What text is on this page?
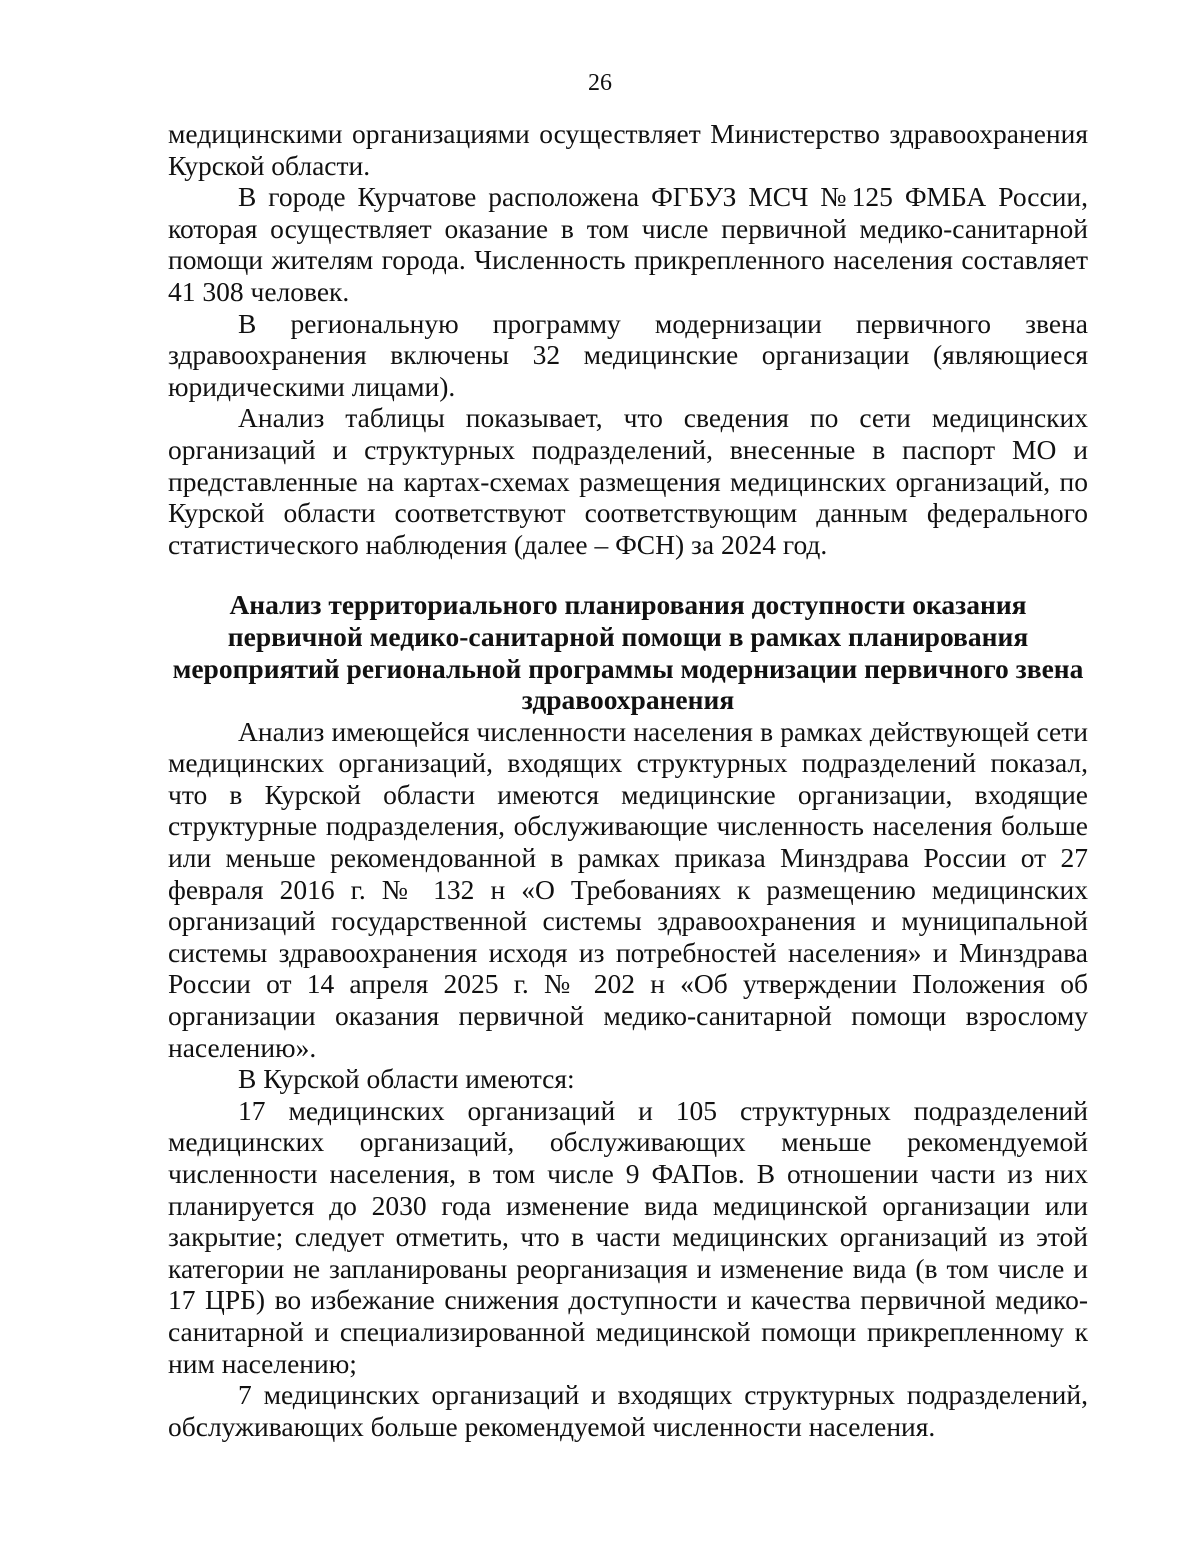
26

медицинскими организациями осуществляет Министерство здравоохранения Курской области.

В городе Курчатове расположена ФГБУЗ МСЧ №125 ФМБА России, которая осуществляет оказание в том числе первичной медико-санитарной помощи жителям города. Численность прикрепленного населения составляет 41 308 человек.

В региональную программу модернизации первичного звена здравоохранения включены 32 медицинские организации (являющиеся юридическими лицами).

Анализ таблицы показывает, что сведения по сети медицинских организаций и структурных подразделений, внесенные в паспорт МО и представленные на картах-схемах размещения медицинских организаций, по Курской области соответствуют соответствующим данным федерального статистического наблюдения (далее – ФСН) за 2024 год.

Анализ территориального планирования доступности оказания
первичной медико-санитарной помощи в рамках планирования
мероприятий региональной программы модернизации первичного звена
здравоохранения

Анализ имеющейся численности населения в рамках действующей сети медицинских организаций, входящих структурных подразделений показал, что в Курской области имеются медицинские организации, входящие структурные подразделения, обслуживающие численность населения больше или меньше рекомендованной в рамках приказа Минздрава России от 27 февраля 2016 г. № 132 н «О Требованиях к размещению медицинских организаций государственной системы здравоохранения и муниципальной системы здравоохранения исходя из потребностей населения» и Минздрава России от 14 апреля 2025 г. № 202 н «Об утверждении Положения об организации оказания первичной медико-санитарной помощи взрослому населению».

В Курской области имеются:

17 медицинских организаций и 105 структурных подразделений медицинских организаций, обслуживающих меньше рекомендуемой численности населения, в том числе 9 ФАПов. В отношении части из них планируется до 2030 года изменение вида медицинской организации или закрытие; следует отметить, что в части медицинских организаций из этой категории не запланированы реорганизация и изменение вида (в том числе и 17 ЦРБ) во избежание снижения доступности и качества первичной медико-санитарной и специализированной медицинской помощи прикрепленному к ним населению;

7 медицинских организаций и входящих структурных подразделений, обслуживающих больше рекомендуемой численности населения.
